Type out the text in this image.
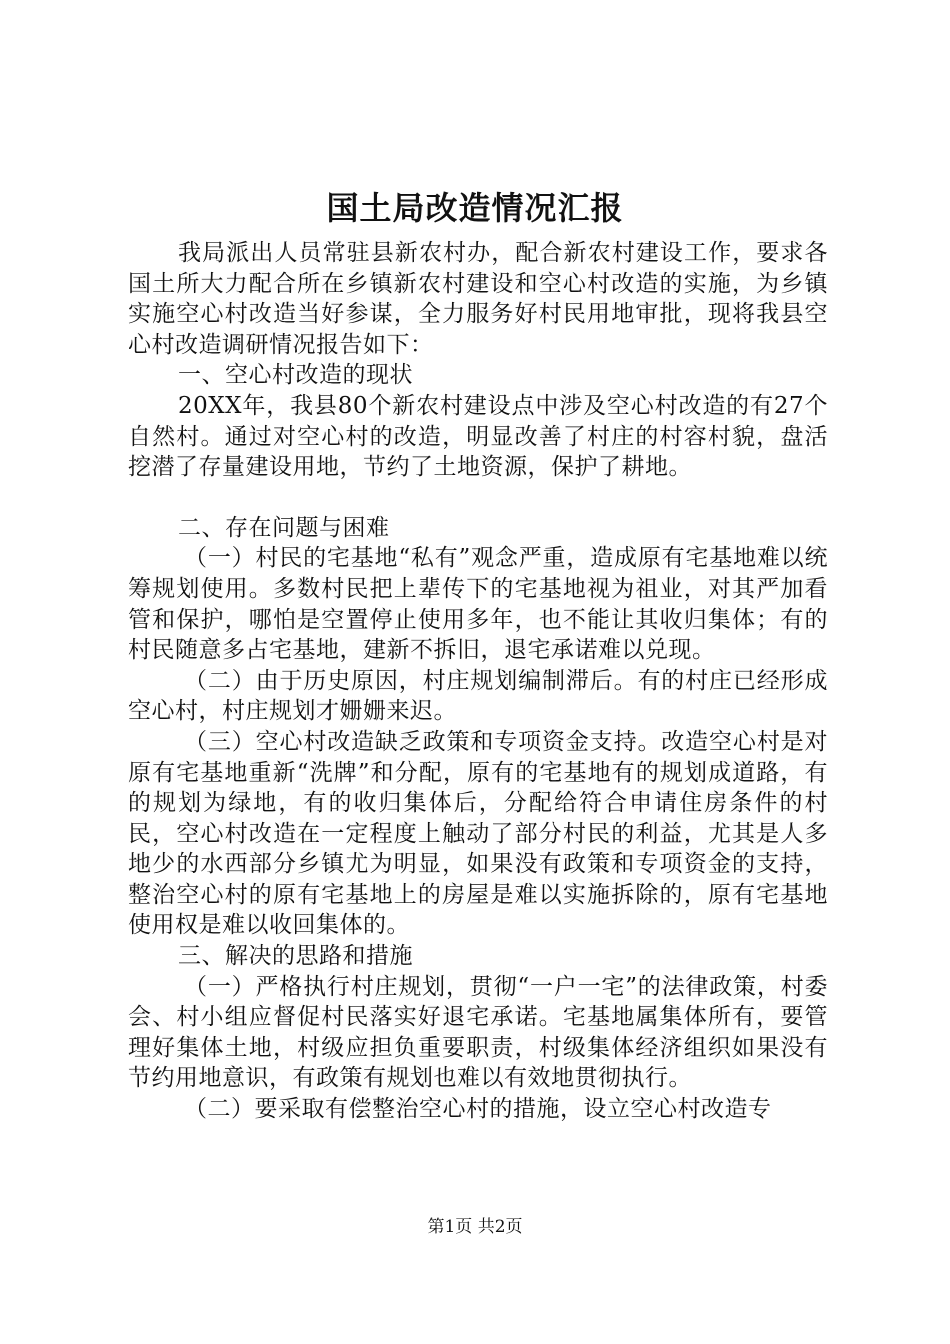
国土局改造情况汇报

我局派出人员常驻县新农村办，配合新农村建设工作，要求各国土所大力配合所在乡镇新农村建设和空心村改造的实施，为乡镇实施空心村改造当好参谋，全力服务好村民用地审批，现将我县空心村改造调研情况报告如下：

一、空心村改造的现状

20XX年，我县80个新农村建设点中涉及空心村改造的有27个自然村。通过对空心村的改造，明显改善了村庄的村容村貌，盘活挖潜了存量建设用地，节约了土地资源，保护了耕地。

二、存在问题与困难

（一）村民的宅基地“私有”观念严重，造成原有宅基地难以统筹规划使用。多数村民把上辈传下的宅基地视为祖业，对其严加看管和保护，哪怕是空置停止使用多年，也不能让其收归集体；有的村民随意多占宅基地，建新不拆旧，退宅承诺难以兑现。

（二）由于历史原因，村庄规划编制滞后。有的村庄已经形成空心村，村庄规划才姗姗来迟。

（三）空心村改造缺乏政策和专项资金支持。改造空心村是对原有宅基地重新“洗牌”和分配，原有的宅基地有的规划成道路，有的规划为绿地，有的收归集体后，分配给符合申请住房条件的村民，空心村改造在一定程度上触动了部分村民的利益，尤其是人多地少的水西部分乡镇尤为明显，如果没有政策和专项资金的支持，整治空心村的原有宅基地上的房屋是难以实施拆除的，原有宅基地使用权是难以收回集体的。

三、解决的思路和措施

（一）严格执行村庄规划，贯彻“一户一宅”的法律政策，村委会、村小组应督促村民落实好退宅承诺。宅基地属集体所有，要管理好集体土地，村级应担负重要职责，村级集体经济组织如果没有节约用地意识，有政策有规划也难以有效地贯彻执行。

（二）要采取有偿整治空心村的措施，设立空心村改造专

第1页 共2页
